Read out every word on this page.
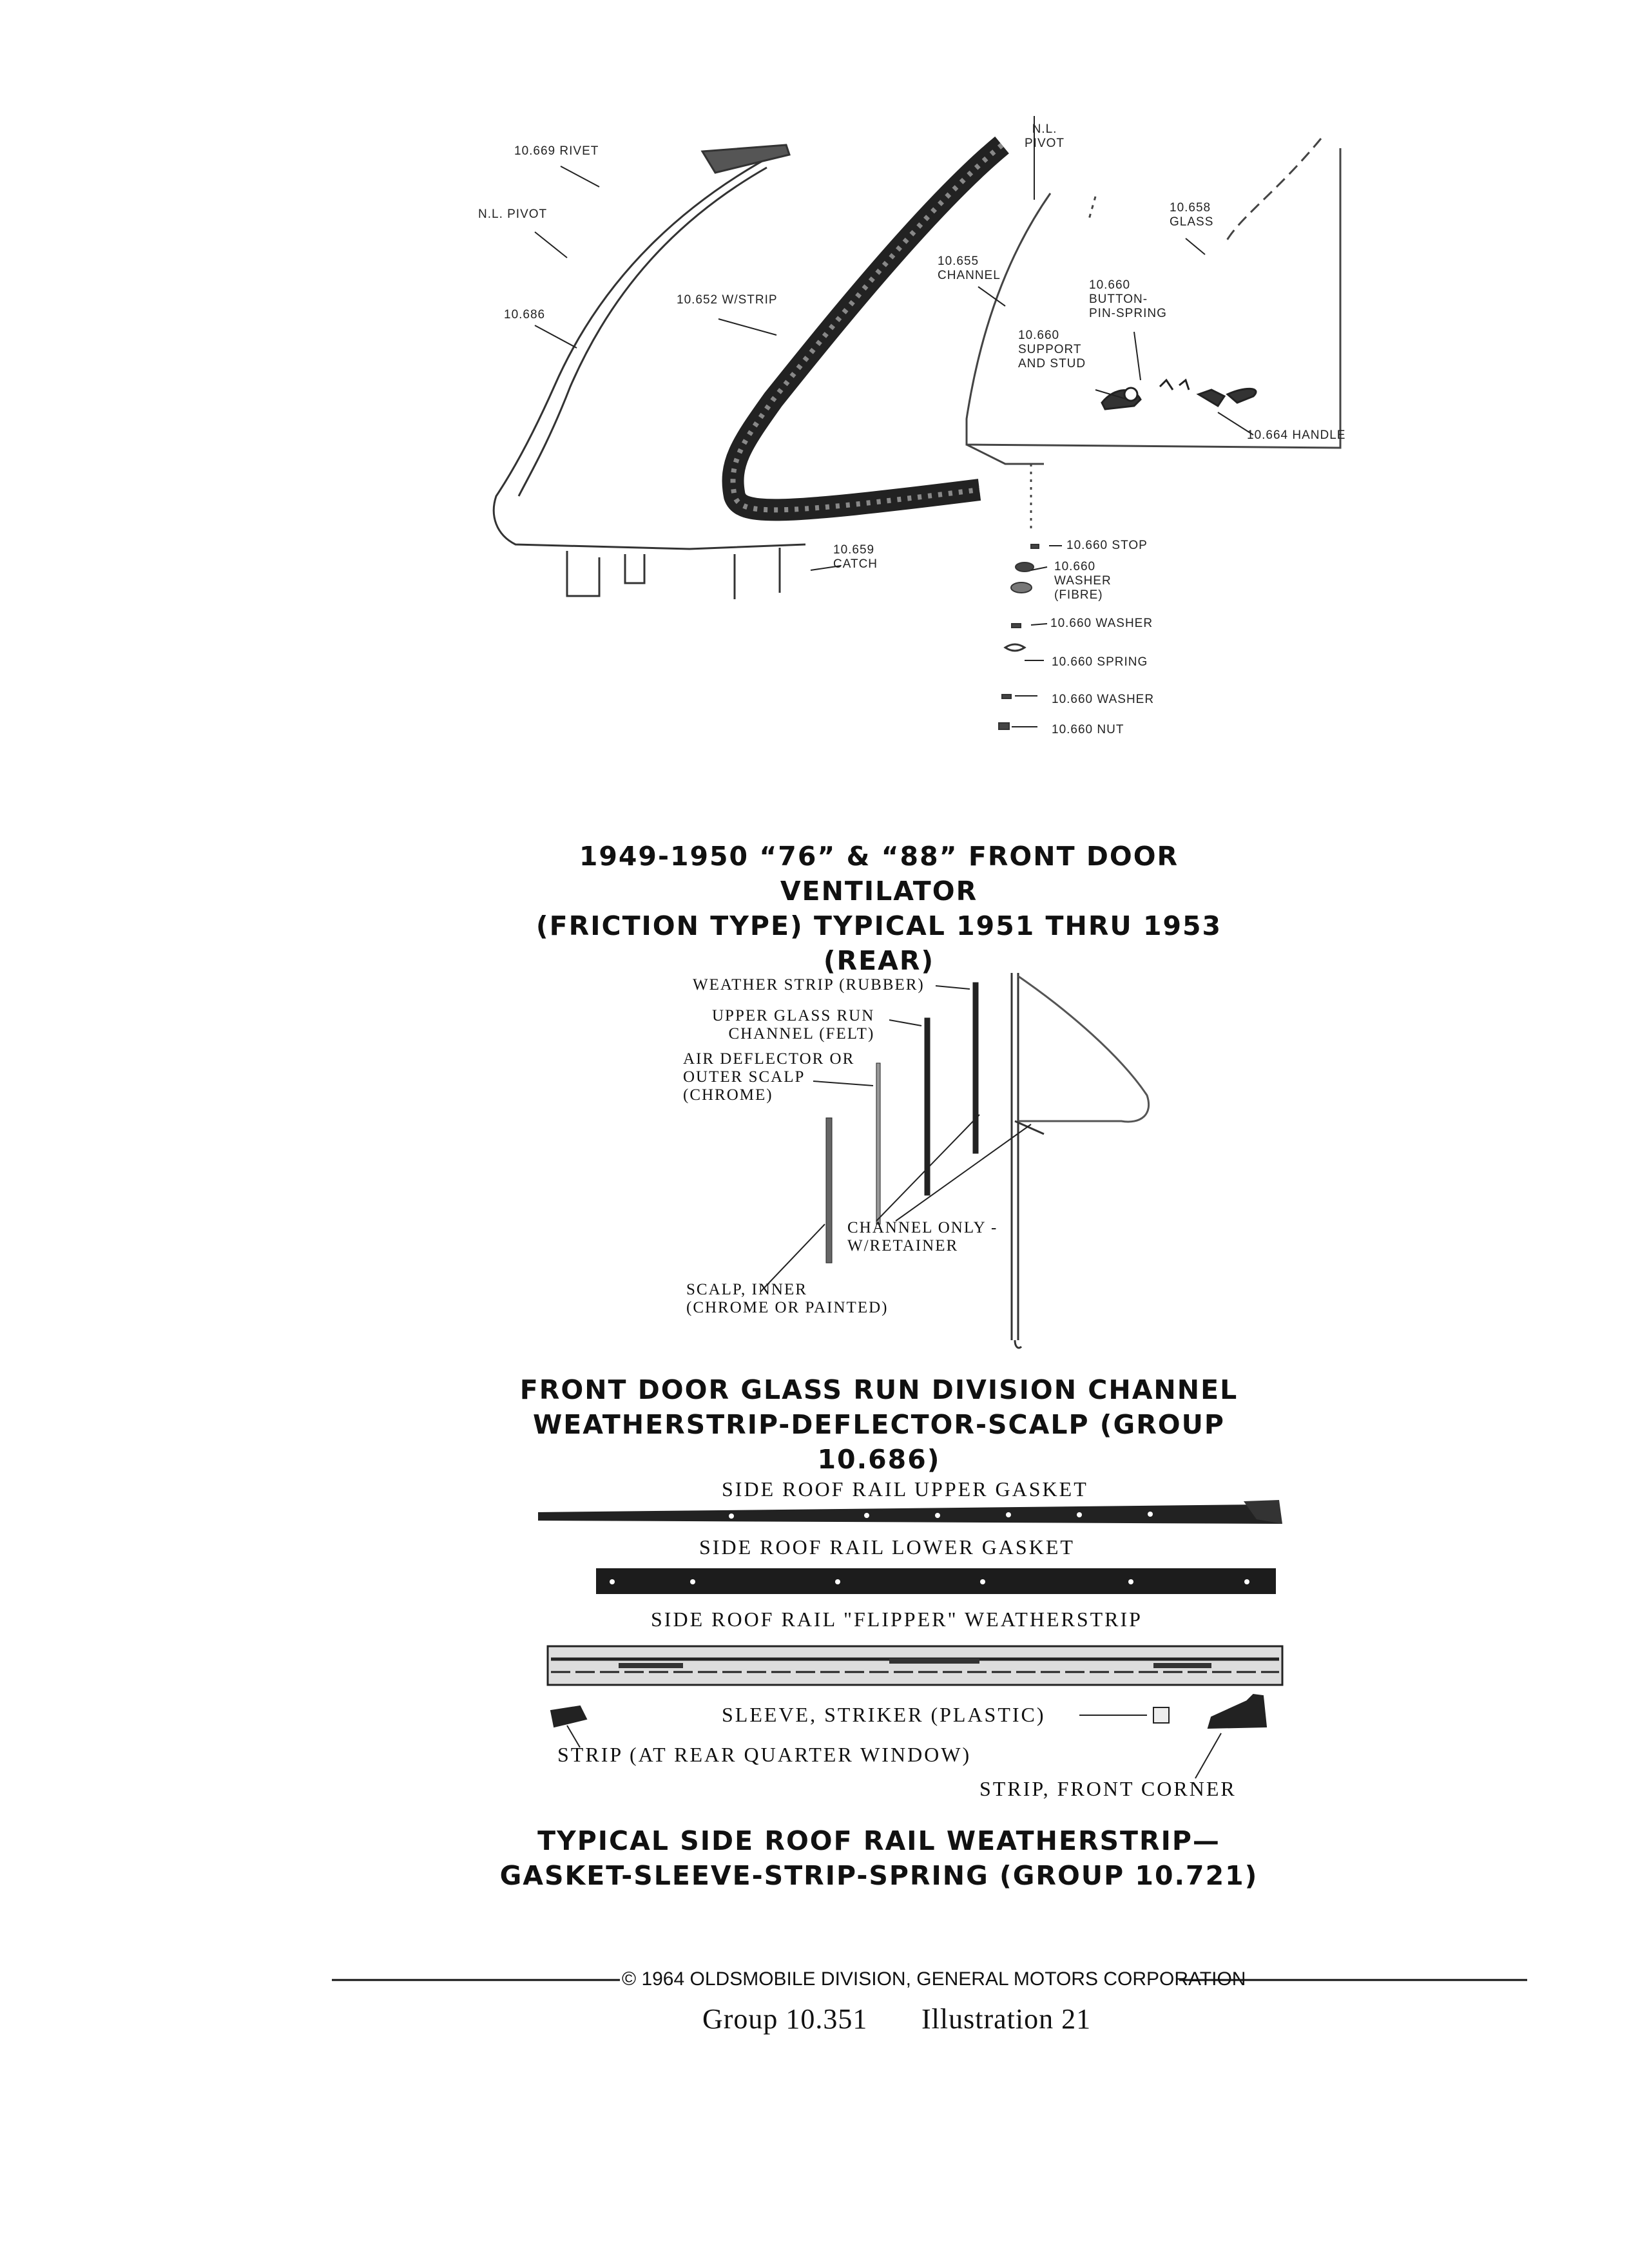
10.669 RIVET
N.L. PIVOT
10.686
10.652 W/STRIP
10.659
CATCH
N.L.
PIVOT
10.658
GLASS
10.655
CHANNEL
10.660
BUTTON-
PIN-SPRING
10.660
SUPPORT
AND STUD
10.664 HANDLE
10.660 STOP
10.660
WASHER
(FIBRE)
10.660 WASHER
10.660 SPRING
10.660 WASHER
10.660 NUT
1949-1950 “76” & “88” FRONT DOOR VENTILATOR
(FRICTION TYPE) TYPICAL 1951 THRU 1953 (REAR)
WEATHER STRIP (RUBBER)
UPPER GLASS RUN
CHANNEL (FELT)
AIR DEFLECTOR OR
OUTER SCALP
(CHROME)
CHANNEL ONLY -
W/RETAINER
SCALP, INNER
(CHROME OR PAINTED)
FRONT DOOR GLASS RUN DIVISION CHANNEL
WEATHERSTRIP-DEFLECTOR-SCALP (GROUP 10.686)
SIDE ROOF RAIL UPPER GASKET
SIDE ROOF RAIL LOWER GASKET
SIDE ROOF RAIL "FLIPPER" WEATHERSTRIP
SLEEVE, STRIKER (PLASTIC)
STRIP (AT REAR QUARTER WINDOW)
STRIP, FRONT CORNER
TYPICAL SIDE ROOF RAIL WEATHERSTRIP—
GASKET-SLEEVE-STRIP-SPRING (GROUP 10.721)
© 1964 OLDSMOBILE DIVISION, GENERAL MOTORS CORPORATION
Group 10.351 Illustration 21
